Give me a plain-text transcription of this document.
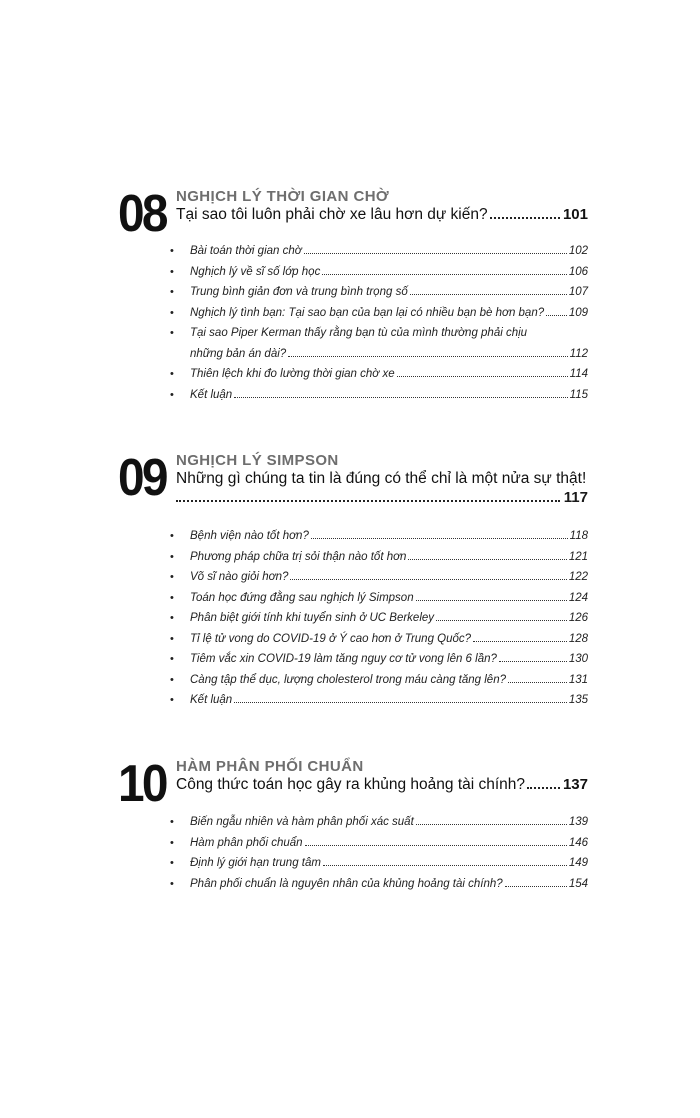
08 NGHỊCH LÝ THỜI GIAN CHỜ
Tại sao tôi luôn phải chờ xe lâu hơn dự kiến?	101
•	Bài toán thời gian chờ	102
•	Nghịch lý về sĩ số lớp học	106
•	Trung bình giản đơn và trung bình trọng số	107
•	Nghịch lý tình bạn: Tại sao bạn của bạn lại có nhiều bạn bè hơn bạn? 109
•	Tại sao Piper Kerman thấy rằng bạn tù của mình thường phải chịu
những bản án dài?	112
•	Thiên lệch khi đo lường thời gian chờ xe	114
•	Kết luận	115
09 NGHỊCH LÝ SIMPSON
Những gì chúng ta tin là đúng có thể chỉ là một nửa sự thật!
117
•	Bệnh viện nào tốt hơn?	118
•	Phương pháp chữa trị sỏi thận nào tốt hơn	121
•	Võ sĩ nào giỏi hơn?	122
•	Toán học đứng đằng sau nghịch lý Simpson	124
•	Phân biệt giới tính khi tuyển sinh ở UC Berkeley	126
•	Tỉ lệ tử vong do COVID-19 ở Ý cao hơn ở Trung Quốc?	128
•	Tiêm vắc xin COVID-19 làm tăng nguy cơ tử vong lên 6 lần?	130
•	Càng tập thể dục, lượng cholesterol trong máu càng tăng lên?	131
•	Kết luận	135
10 HÀM PHÂN PHỐI CHUẨN
Công thức toán học gây ra khủng hoảng tài chính?	137
•	Biến ngẫu nhiên và hàm phân phối xác suất	139
•	Hàm phân phối chuẩn	146
•	Định lý giới hạn trung tâm	149
•	Phân phối chuẩn là nguyên nhân của khủng hoảng tài chính?	154
